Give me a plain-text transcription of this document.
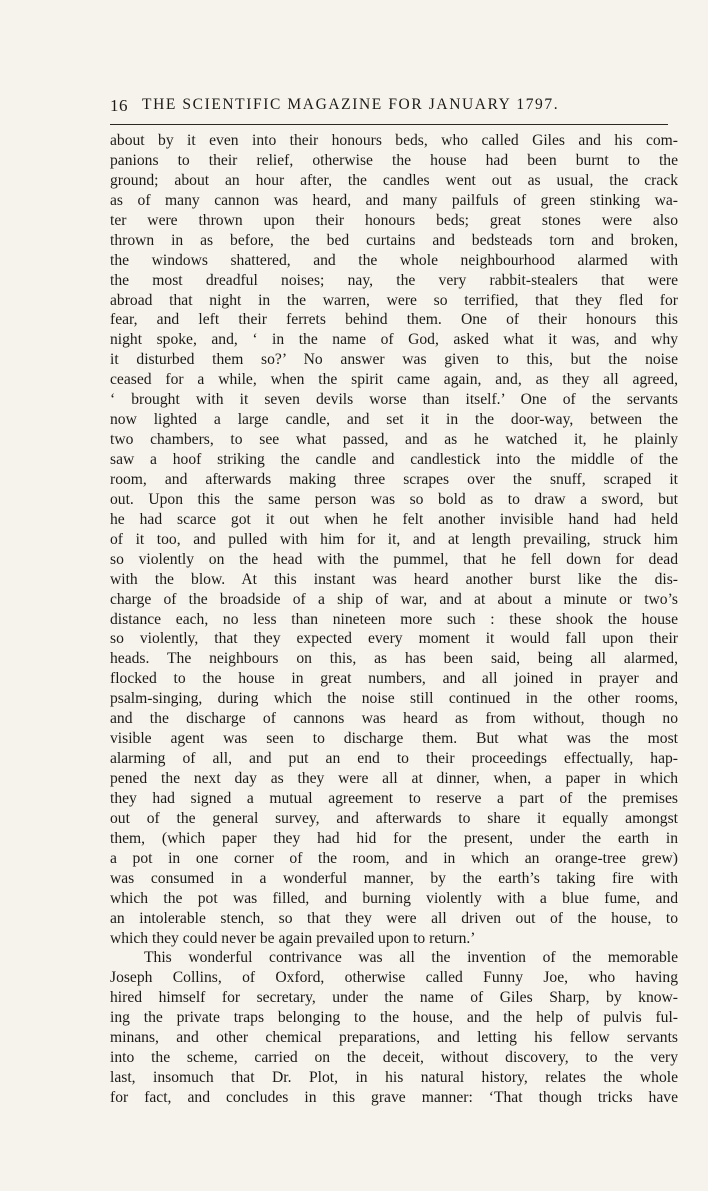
16 THE SCIENTIFIC MAGAZINE FOR JANUARY 1797.
about by it even into their honours beds, who called Giles and his com-
panions to their relief, otherwise the house had been burnt to the
ground; about an hour after, the candles went out as usual, the crack
as of many cannon was heard, and many pailfuls of green stinking wa-
ter were thrown upon their honours beds; great stones were also
thrown in as before, the bed curtains and bedsteads torn and broken,
the windows shattered, and the whole neighbourhood alarmed with
the most dreadful noises; nay, the very rabbit-stealers that were
abroad that night in the warren, were so terrified, that they fled for
fear, and left their ferrets behind them. One of their honours this
night spoke, and, ‘ in the name of God, asked what it was, and why
it disturbed them so?’ No answer was given to this, but the noise
ceased for a while, when the spirit came again, and, as they all agreed,
‘ brought with it seven devils worse than itself.’ One of the servants
now lighted a large candle, and set it in the door-way, between the
two chambers, to see what passed, and as he watched it, he plainly
saw a hoof striking the candle and candlestick into the middle of the
room, and afterwards making three scrapes over the snuff, scraped it
out. Upon this the same person was so bold as to draw a sword, but
he had scarce got it out when he felt another invisible hand had held
of it too, and pulled with him for it, and at length prevailing, struck him
so violently on the head with the pummel, that he fell down for dead
with the blow. At this instant was heard another burst like the dis-
charge of the broadside of a ship of war, and at about a minute or two’s
distance each, no less than nineteen more such : these shook the house
so violently, that they expected every moment it would fall upon their
heads. The neighbours on this, as has been said, being all alarmed,
flocked to the house in great numbers, and all joined in prayer and
psalm-singing, during which the noise still continued in the other rooms,
and the discharge of cannons was heard as from without, though no
visible agent was seen to discharge them. But what was the most
alarming of all, and put an end to their proceedings effectually, hap-
pened the next day as they were all at dinner, when, a paper in which
they had signed a mutual agreement to reserve a part of the premises
out of the general survey, and afterwards to share it equally amongst
them, (which paper they had hid for the present, under the earth in
a pot in one corner of the room, and in which an orange-tree grew)
was consumed in a wonderful manner, by the earth’s taking fire with
which the pot was filled, and burning violently with a blue fume, and
an intolerable stench, so that they were all driven out of the house, to
which they could never be again prevailed upon to return.’
This wonderful contrivance was all the invention of the memorable
Joseph Collins, of Oxford, otherwise called Funny Joe, who having
hired himself for secretary, under the name of Giles Sharp, by know-
ing the private traps belonging to the house, and the help of pulvis ful-
minans, and other chemical preparations, and letting his fellow servants
into the scheme, carried on the deceit, without discovery, to the very
last, insomuch that Dr. Plot, in his natural history, relates the whole
for fact, and concludes in this grave manner: ‘That though tricks have
